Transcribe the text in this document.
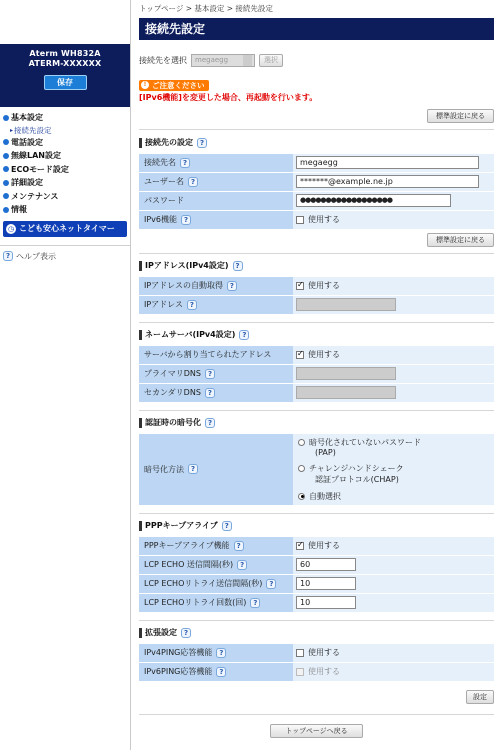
Aterm WH832A
ATERM-XXXXXX
保存
基本設定
▸ 接続先設定
電話設定
無線LAN設定
ECOモード設定
詳細設定
メンテナンス
情報
◷ こども安心ネットタイマー
? ヘルプ表示
トップページ > 基本設定 > 接続先設定
接続先設定
接続先を選択	megaegg	選択
! ご注意ください
[IPv6機能]を変更した場合、再起動を行います。
標準設定に戻る
接続先の設定 ?
接続先名 ?	megaegg
ユーザー名 ?	*******@example.ne.jp
パスワード	●●●●●●●●●●●●●●●●●●
IPv6機能 ?	使用する
標準設定に戻る
IPアドレス(IPv4設定) ?
IPアドレスの自動取得 ? ✓	使用する
IPアドレス ?
ネームサーバ(IPv4設定) ?
サーバから割り当てられたアドレス ✓	使用する
プライマリDNS ?
セカンダリDNS ?
認証時の暗号化 ?
暗号化方法 ?
暗号化されていないパスワード
(PAP)
チャレンジハンドシェーク
認証プロトコル(CHAP)
自動選択
PPPキープアライブ ?
PPPキープアライブ機能 ? ✓	使用する
LCP ECHO 送信間隔(秒) ?	60
LCP ECHOリトライ送信間隔(秒) ?	10
LCP ECHOリトライ回数(回) ?	10
拡張設定 ?
IPv4PING応答機能 ?	使用する
IPv6PING応答機能 ?	使用する
設定
トップページへ戻る
